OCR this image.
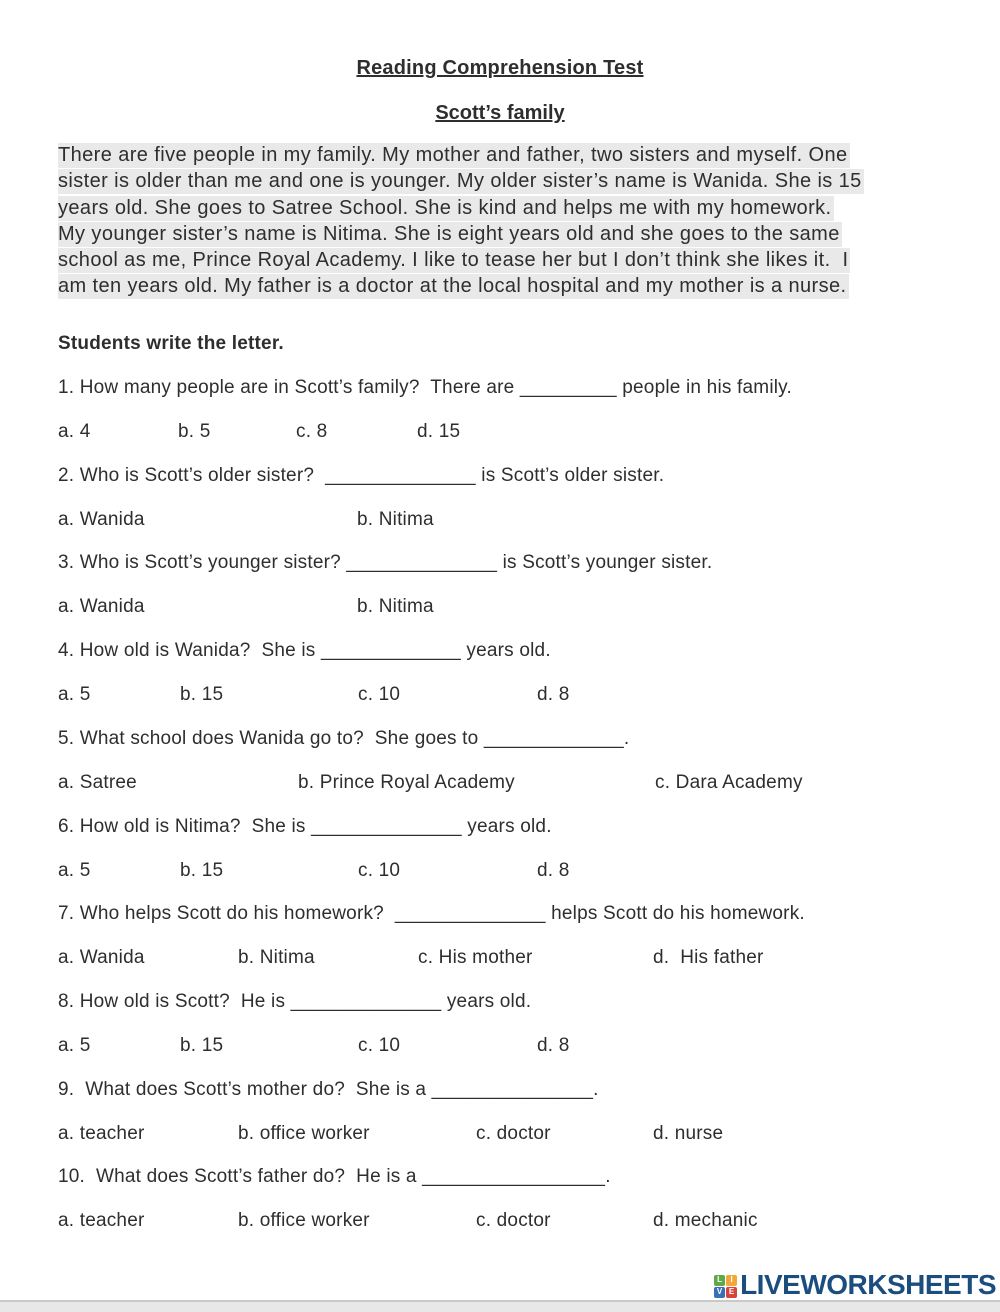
Reading Comprehension Test
Scott’s family
There are five people in my family. My mother and father, two sisters and myself. One
sister is older than me and one is younger. My older sister’s name is Wanida. She is 15
years old. She goes to Satree School. She is kind and helps me with my homework.
My younger sister’s name is Nitima. She is eight years old and she goes to the same
school as me, Prince Royal Academy. I like to tease her but I don’t think she likes it.  I
am ten years old. My father is a doctor at the local hospital and my mother is a nurse.
Students write the letter.
1. How many people are in Scott’s family?  There are _________ people in his family.
a. 4	b. 5	c. 8	d. 15
2. Who is Scott’s older sister?  ______________ is Scott’s older sister.
a. Wanida	b. Nitima
3. Who is Scott’s younger sister? ______________ is Scott’s younger sister.
a. Wanida	b. Nitima
4. How old is Wanida?  She is _____________ years old.
a. 5	b. 15	c. 10	d. 8
5. What school does Wanida go to?  She goes to _____________.
a. Satree	b. Prince Royal Academy	c. Dara Academy
6. How old is Nitima?  She is ______________ years old.
a. 5	b. 15	c. 10	d. 8
7. Who helps Scott do his homework?  ______________ helps Scott do his homework.
a. Wanida	b. Nitima	c. His mother	d.  His father
8. How old is Scott?  He is ______________ years old.
a. 5	b. 15	c. 10	d. 8
9.  What does Scott’s mother do?  She is a _______________.
a. teacher	b. office worker	c. doctor	d. nurse
10.  What does Scott’s father do?  He is a _________________.
a. teacher	b. office worker	c. doctor	d. mechanic
L	I
V E LIVEWORKSHEETS
